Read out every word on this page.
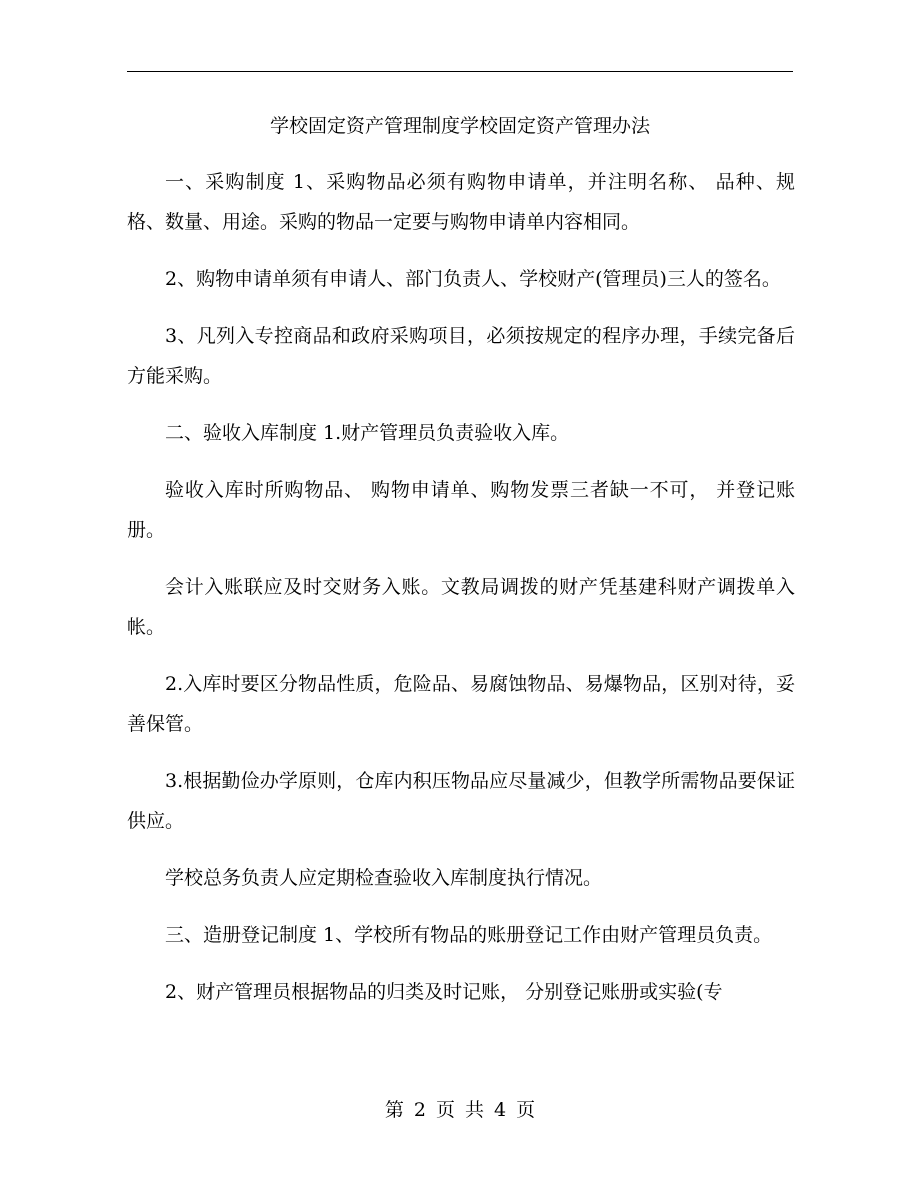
学校固定资产管理制度学校固定资产管理办法

一、采购制度 1、采购物品必须有购物申请单，并注明名称、 品种、规格、数量、用途。采购的物品一定要与购物申请单内容相同。

2、购物申请单须有申请人、部门负责人、学校财产(管理员)三人的签名。

3、凡列入专控商品和政府采购项目，必须按规定的程序办理，手续完备后方能采购。

二、验收入库制度 1.财产管理员负责验收入库。

验收入库时所购物品、 购物申请单、购物发票三者缺一不可， 并登记账册。

会计入账联应及时交财务入账。文教局调拨的财产凭基建科财产调拨单入帐。

2.入库时要区分物品性质，危险品、易腐蚀物品、易爆物品，区别对待，妥善保管。

3.根据勤俭办学原则，仓库内积压物品应尽量减少，但教学所需物品要保证供应。

学校总务负责人应定期检查验收入库制度执行情况。

三、造册登记制度 1、学校所有物品的账册登记工作由财产管理员负责。

2、财产管理员根据物品的归类及时记账， 分别登记账册或实验(专

第 2 页 共 4 页
